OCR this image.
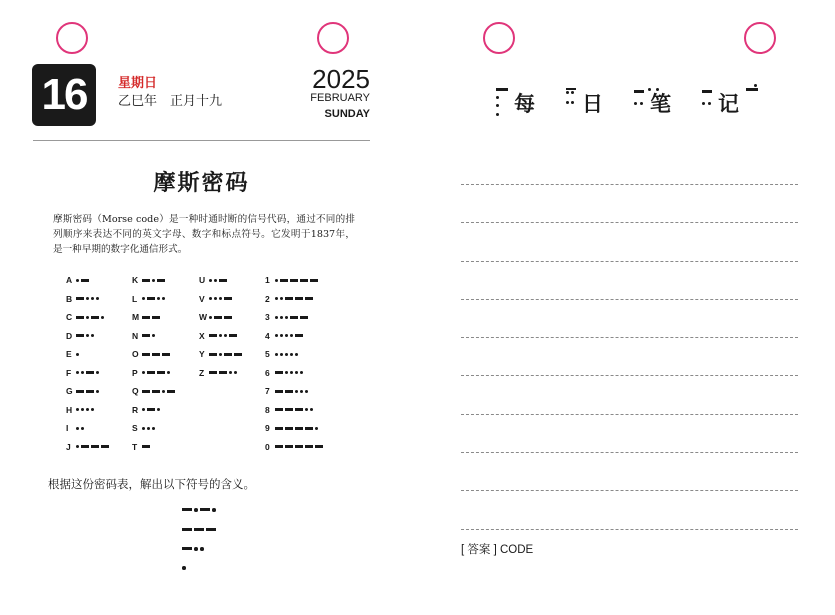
16	星期日
乙巳年　正月十九
2025
FEBRUARY
SUNDAY
摩斯密码
摩斯密码（Morse code）是一种时通时断的信号代码，通过不同的排列顺序来表达不同的英文字母、数字和标点符号。它发明于1837年，是一种早期的数字化通信形式。
A
B
C
D
E
F
G
H
I
J
K
L
M
N
O
P
Q
R
S
T
U
V
W
X
Y
Z
1
2
3
4
5
6
7
8
9
0
根据这份密码表，解出以下符号的含义。
每 日 笔 记
[ 答案 ] CODE
